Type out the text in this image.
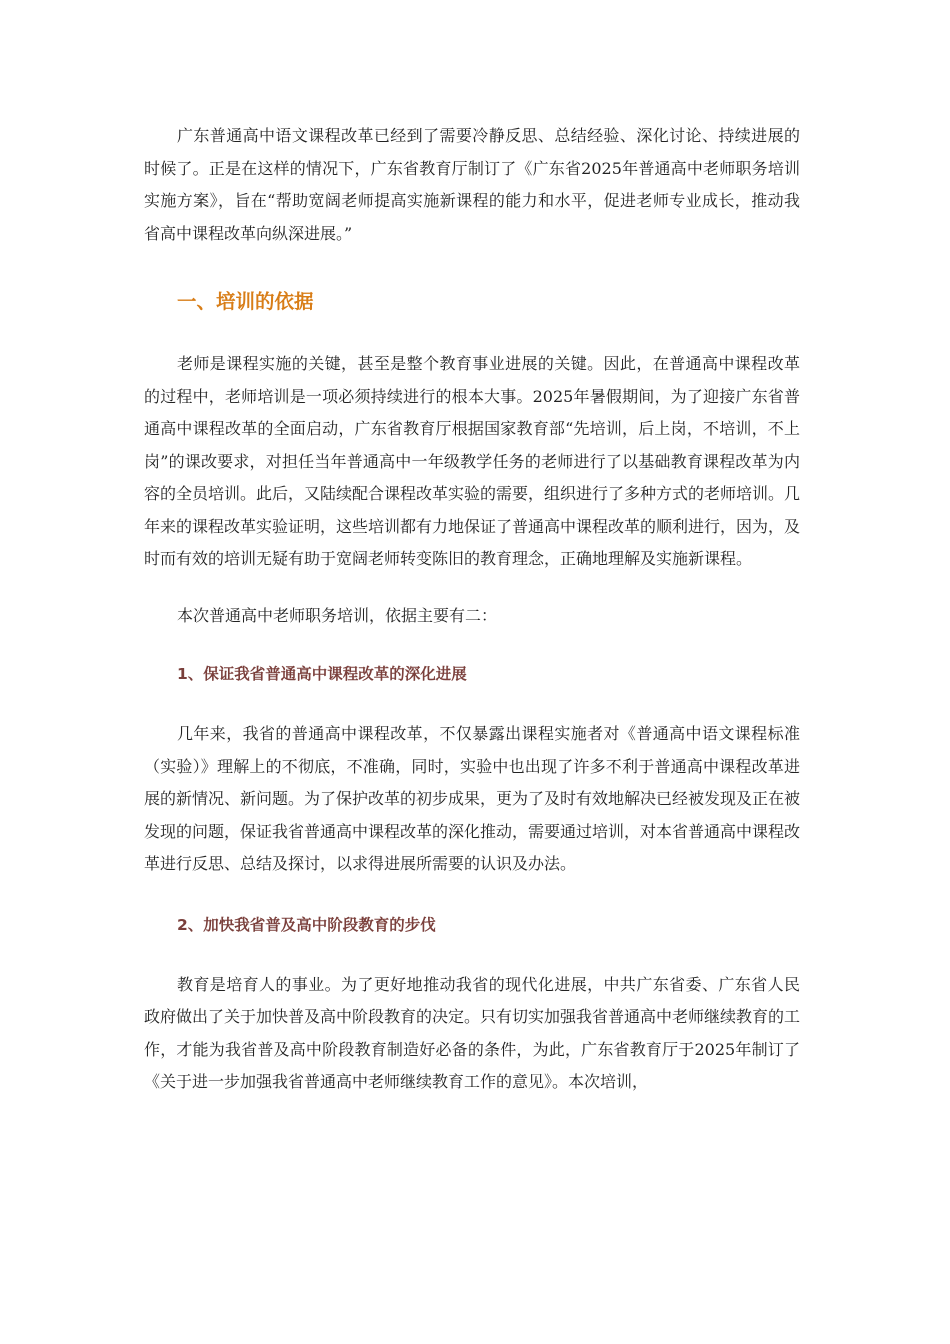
广东普通高中语文课程改革已经到了需要冷静反思、总结经验、深化讨论、持续进展的时候了。正是在这样的情况下，广东省教育厅制订了《广东省2025年普通高中老师职务培训实施方案》，旨在“帮助宽阔老师提高实施新课程的能力和水平，促进老师专业成长，推动我省高中课程改革向纵深进展。”

一、培训的依据

老师是课程实施的关键，甚至是整个教育事业进展的关键。因此，在普通高中课程改革的过程中，老师培训是一项必须持续进行的根本大事。2025年暑假期间，为了迎接广东省普通高中课程改革的全面启动，广东省教育厅根据国家教育部“先培训，后上岗，不培训，不上岗”的课改要求，对担任当年普通高中一年级教学任务的老师进行了以基础教育课程改革为内容的全员培训。此后，又陆续配合课程改革实验的需要，组织进行了多种方式的老师培训。几年来的课程改革实验证明，这些培训都有力地保证了普通高中课程改革的顺利进行，因为，及时而有效的培训无疑有助于宽阔老师转变陈旧的教育理念，正确地理解及实施新课程。

本次普通高中老师职务培训，依据主要有二：

1、保证我省普通高中课程改革的深化进展

几年来，我省的普通高中课程改革，不仅暴露出课程实施者对《普通高中语文课程标准（实验）》理解上的不彻底，不准确，同时，实验中也出现了许多不利于普通高中课程改革进展的新情况、新问题。为了保护改革的初步成果，更为了及时有效地解决已经被发现及正在被发现的问题，保证我省普通高中课程改革的深化推动，需要通过培训，对本省普通高中课程改革进行反思、总结及探讨，以求得进展所需要的认识及办法。

2、加快我省普及高中阶段教育的步伐

教育是培育人的事业。为了更好地推动我省的现代化进展，中共广东省委、广东省人民政府做出了关于加快普及高中阶段教育的决定。只有切实加强我省普通高中老师继续教育的工作，才能为我省普及高中阶段教育制造好必备的条件，为此，广东省教育厅于2025年制订了《关于进一步加强我省普通高中老师继续教育工作的意见》。本次培训，
